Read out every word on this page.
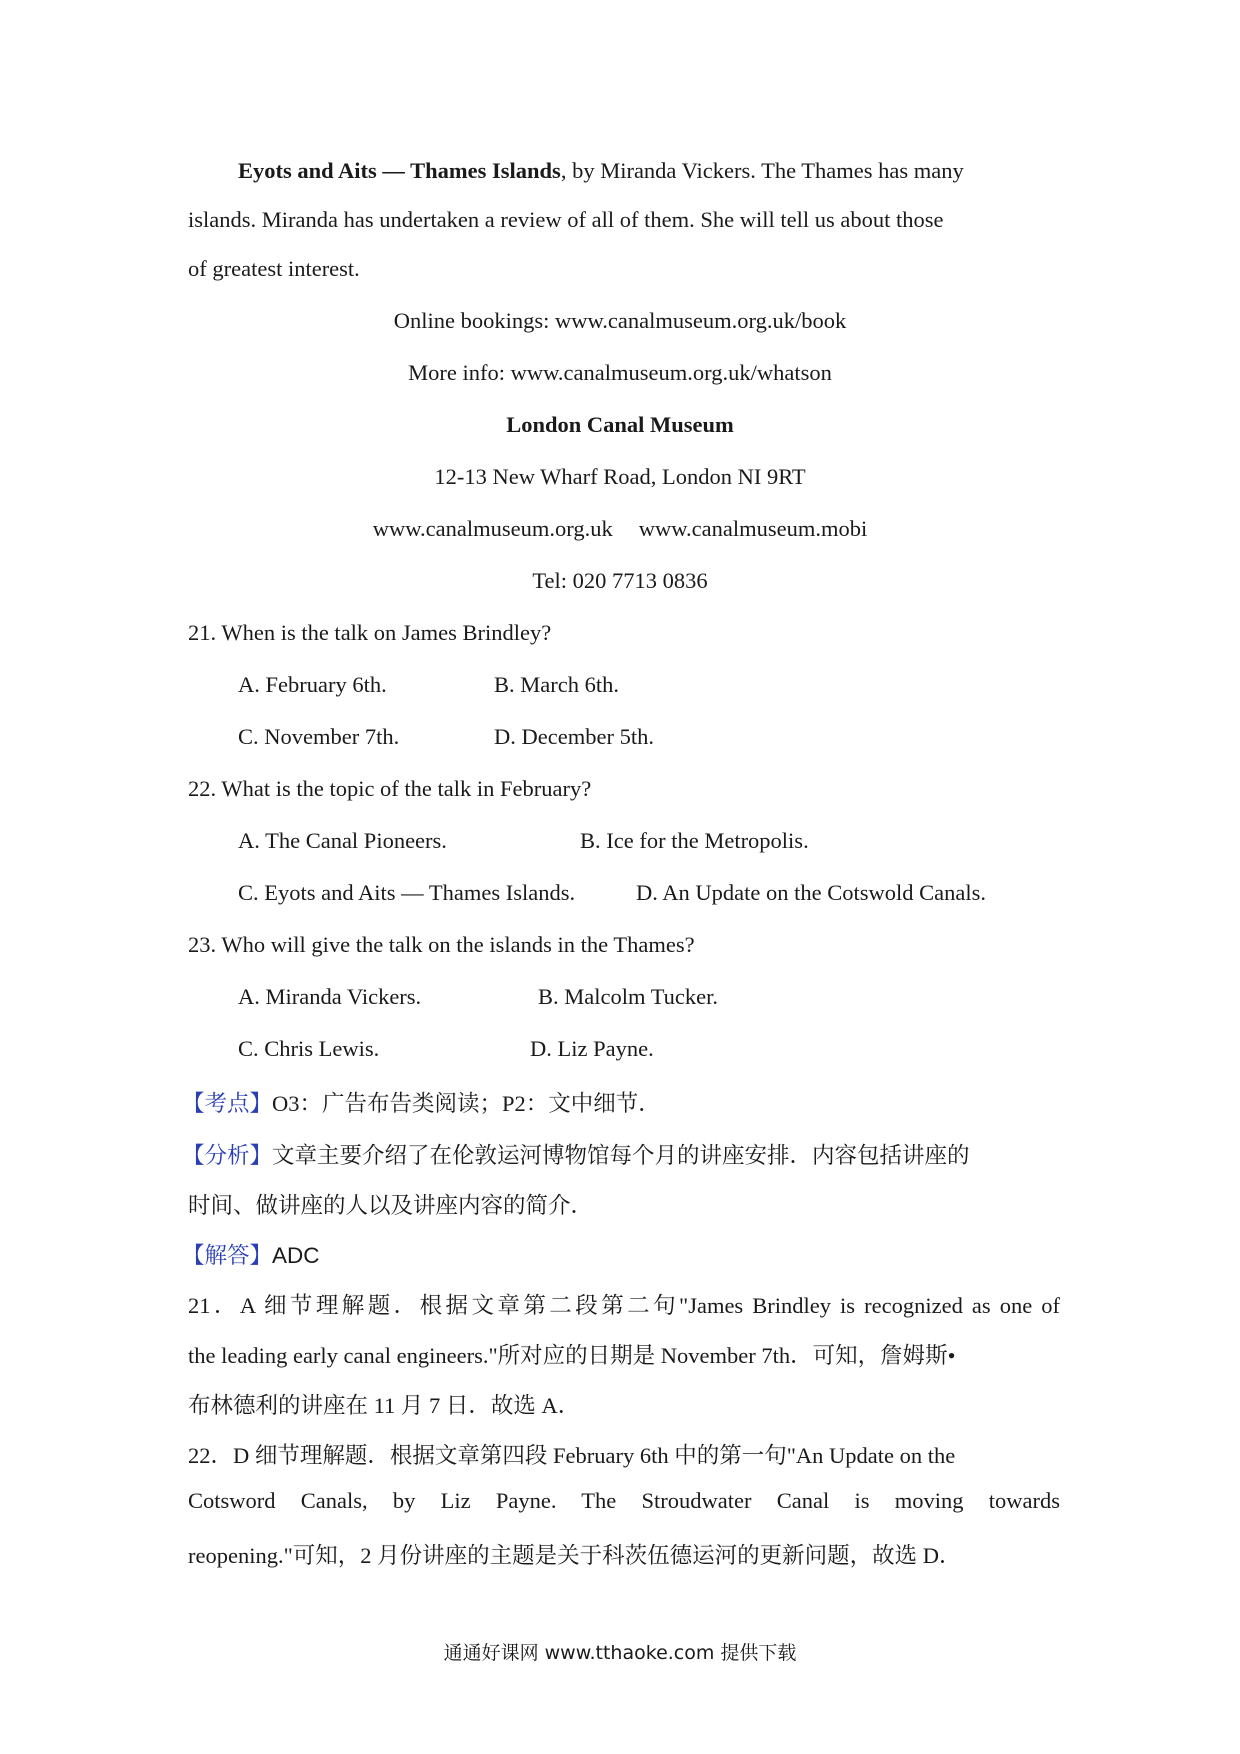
Eyots and Aits — Thames Islands, by Miranda Vickers. The Thames has many
islands. Miranda has undertaken a review of all of them. She will tell us about those
of greatest interest.
Online bookings: www.canalmuseum.org.uk/book
More info: www.canalmuseum.org.uk/whatson
London Canal Museum
12-13 New Wharf Road, London NI 9RT
www.canalmuseum.org.uk www.canalmuseum.mobi
Tel: 020 7713 0836
21. When is the talk on James Brindley?
A. February 6th.	B. March 6th.
C. November 7th.	D. December 5th.
22. What is the topic of the talk in February?
A. The Canal Pioneers.	B. Ice for the Metropolis.
C. Eyots and Aits — Thames Islands.	D. An Update on the Cotswold Canals.
23. Who will give the talk on the islands in the Thames?
A. Miranda Vickers.	B. Malcolm Tucker.
C. Chris Lewis.	D. Liz Payne.
【考点】O3：广告布告类阅读；P2：文中细节．
【分析】文章主要介绍了在伦敦运河博物馆每个月的讲座安排．内容包括讲座的
时间、做讲座的人以及讲座内容的简介．
【解答】ADC
21．A 细节理解题．根据文章第二段第二句"James Brindley is recognized as one of
the leading early canal engineers."所对应的日期是 November 7th．可知，詹姆斯•
布林德利的讲座在 11 月 7 日．故选 A．
22．D 细节理解题．根据文章第四段 February 6th 中的第一句"An Update on the
Cotsword Canals, by Liz Payne. The Stroudwater Canal is moving towards
reopening."可知，2 月份讲座的主题是关于科茨伍德运河的更新问题，故选 D．
通通好课网 www.tthaoke.com 提供下载
